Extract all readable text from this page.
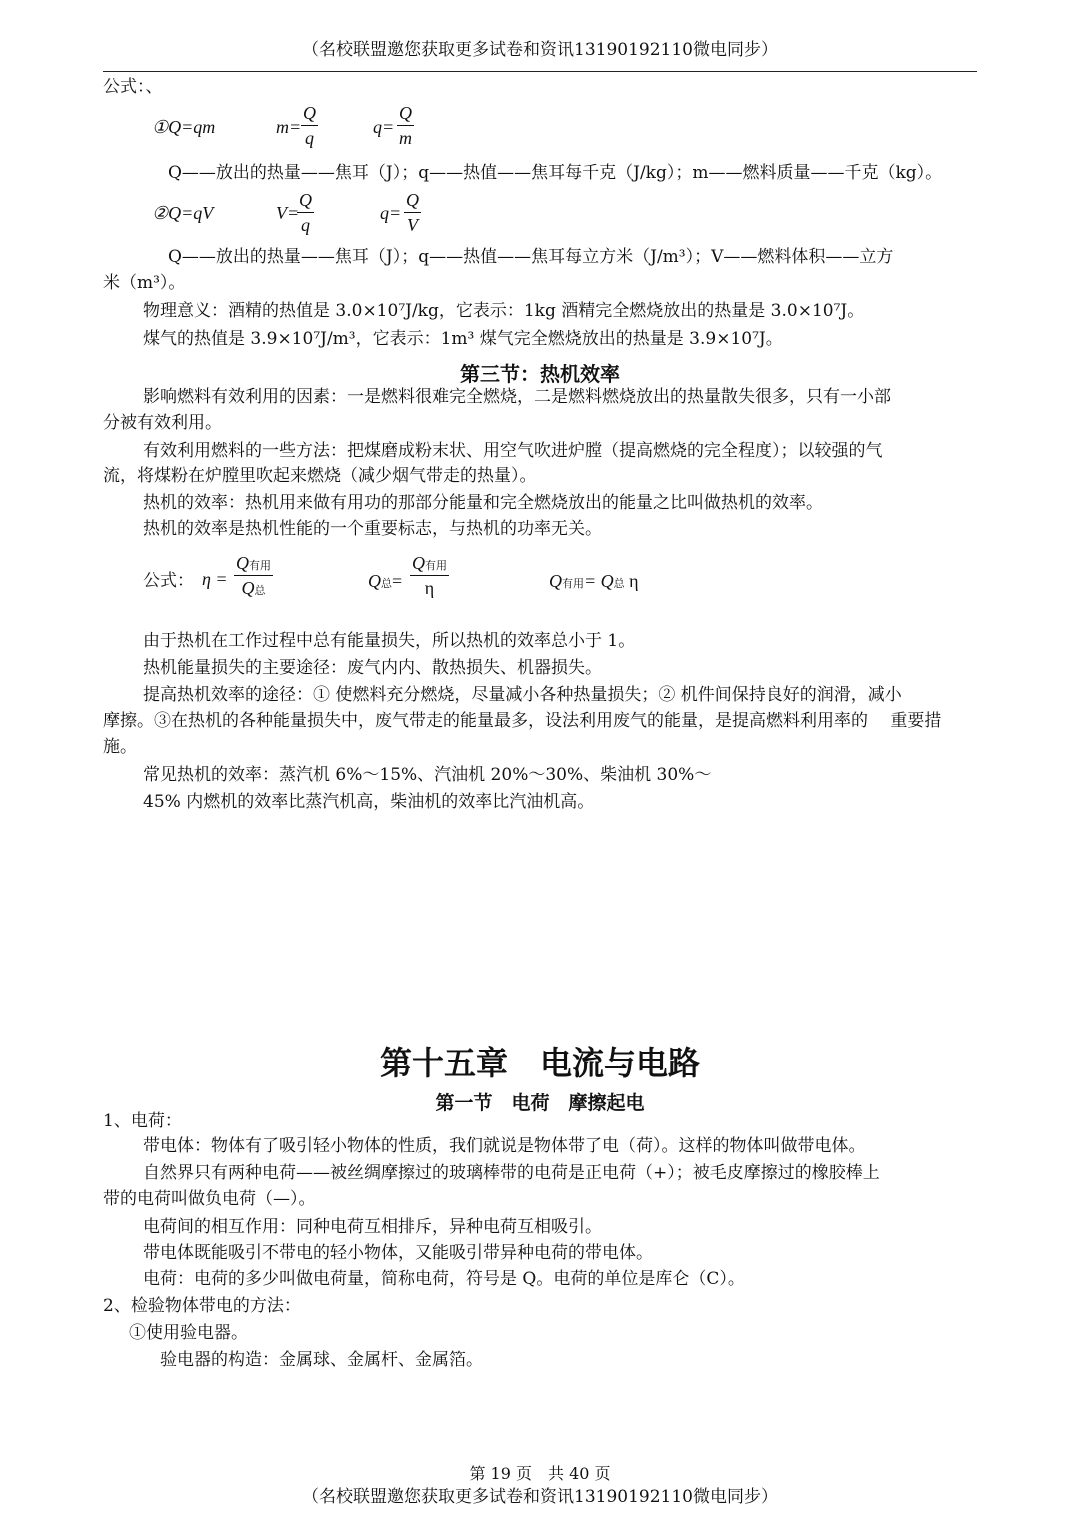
（名校联盟邀您获取更多试卷和资讯13190192110微电同步）
公式：、
①Q=qm	$m= \frac{Q}{q}$	$q= \frac{Q}{m}$
Q——放出的热量——焦耳（J）；q——热值——焦耳每千克（J/kg）；m——燃料质量——千克（kg）。
②Q=qV	V=
$\frac{Q}{q}$	$q= \frac{Q}{V}$
Q——放出的热量——焦耳（J）；q——热值——焦耳每立方米（J/m³）；V——燃料体积——立方
米（m³）。
物理意义：酒精的热值是 3.0×10⁷J/kg，它表示：1kg 酒精完全燃烧放出的热量是 3.0×10⁷J。
煤气的热值是 3.9×10⁷J/m³，它表示：1m³ 煤气完全燃烧放出的热量是 3.9×10⁷J。
第三节：热机效率
影响燃料有效利用的因素：一是燃料很难完全燃烧，二是燃料燃烧放出的热量散失很多，只有一小部
分被有效利用。
有效利用燃料的一些方法：把煤磨成粉末状、用空气吹进炉膛（提高燃烧的完全程度）；以较强的气
流，将煤粉在炉膛里吹起来燃烧（减少烟气带走的热量）。
热机的效率：热机用来做有用功的那部分能量和完全燃烧放出的能量之比叫做热机的效率。
热机的效率是热机性能的一个重要标志，与热机的功率无关。
公式： η =
Q有用
Q总	Q总=
Q有用
η	Q有用= Q总 η
由于热机在工作过程中总有能量损失，所以热机的效率总小于 1。
热机能量损失的主要途径：废气内内、散热损失、机器损失。
提高热机效率的途径：① 使燃料充分燃烧，尽量减小各种热量损失；② 机件间保持良好的润滑，减小
摩擦。③在热机的各种能量损失中，废气带走的能量最多，设法利用废气的能量，是提高燃料利用率的　 重要措
施。
常见热机的效率：蒸汽机 6%～15%、汽油机 20%～30%、柴油机 30%～
45% 内燃机的效率比蒸汽机高，柴油机的效率比汽油机高。
第十五章　电流与电路
第一节　电荷　摩擦起电
1、电荷：
带电体：物体有了吸引轻小物体的性质，我们就说是物体带了电（荷）。这样的物体叫做带电体。
自然界只有两种电荷——被丝绸摩擦过的玻璃棒带的电荷是正电荷（+）；被毛皮摩擦过的橡胶棒上
带的电荷叫做负电荷（—）。
电荷间的相互作用：同种电荷互相排斥，异种电荷互相吸引。
带电体既能吸引不带电的轻小物体，又能吸引带异种电荷的带电体。
电荷：电荷的多少叫做电荷量，简称电荷，符号是 Q。电荷的单位是库仑（C）。
2、检验物体带电的方法：
①使用验电器。
验电器的构造：金属球、金属杆、金属箔。
第 19 页　共 40 页
（名校联盟邀您获取更多试卷和资讯13190192110微电同步）
